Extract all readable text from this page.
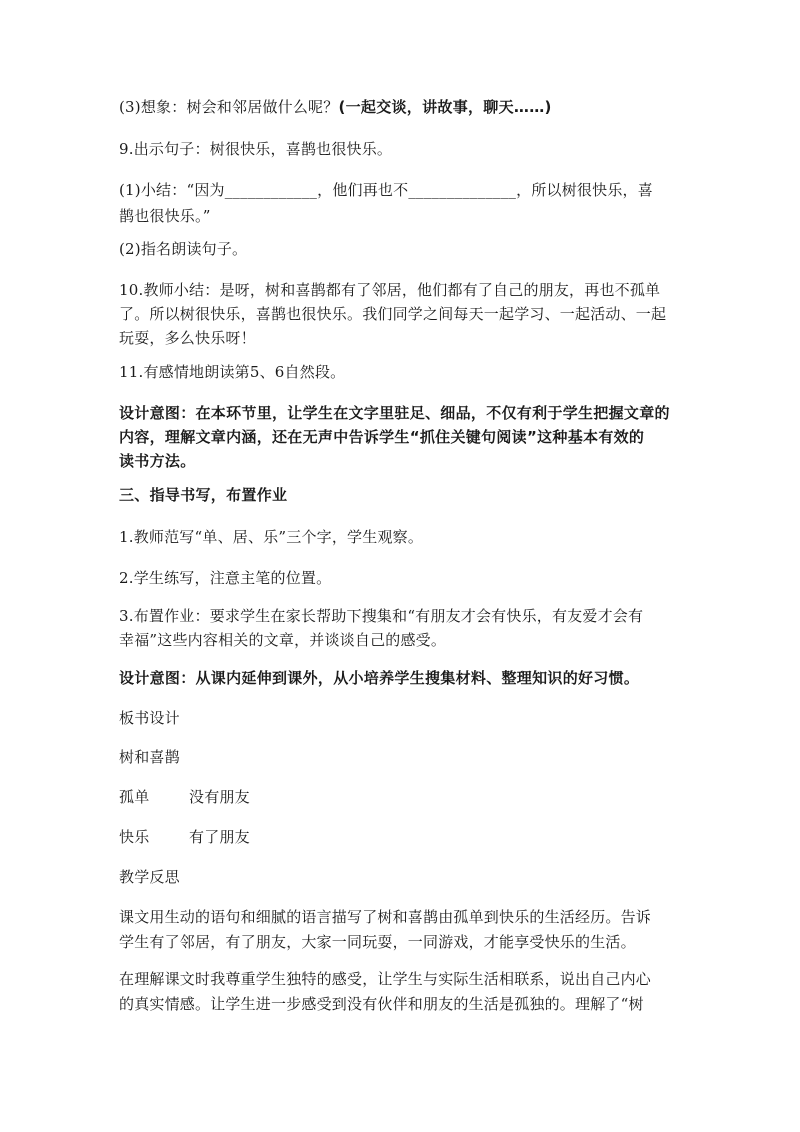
(3)想象：树会和邻居做什么呢？(一起交谈，讲故事，聊天……)
9.出示句子：树很快乐，喜鹊也很快乐。
(1)小结：“因为____________，他们再也不______________，所以树很快乐，喜
鹊也很快乐。”
(2)指名朗读句子。
10.教师小结：是呀，树和喜鹊都有了邻居，他们都有了自己的朋友，再也不孤单
了。所以树很快乐，喜鹊也很快乐。我们同学之间每天一起学习、一起活动、一起
玩耍，多么快乐呀！
11.有感情地朗读第5、6自然段。
设计意图：在本环节里，让学生在文字里驻足、细品，不仅有利于学生把握文章的
内容，理解文章内涵，还在无声中告诉学生“抓住关键句阅读”这种基本有效的
读书方法。
三、指导书写，布置作业
1.教师范写“单、居、乐”三个字，学生观察。
2.学生练写，注意主笔的位置。
3.布置作业：要求学生在家长帮助下搜集和“有朋友才会有快乐，有友爱才会有
幸福”这些内容相关的文章，并谈谈自己的感受。
设计意图：从课内延伸到课外，从小培养学生搜集材料、整理知识的好习惯。
板书设计
树和喜鹊
孤单	没有朋友
快乐	有了朋友
教学反思
课文用生动的语句和细腻的语言描写了树和喜鹊由孤单到快乐的生活经历。告诉
学生有了邻居，有了朋友，大家一同玩耍，一同游戏，才能享受快乐的生活。
在理解课文时我尊重学生独特的感受，让学生与实际生活相联系，说出自己内心
的真实情感。让学生进一步感受到没有伙伴和朋友的生活是孤独的。理解了“树
